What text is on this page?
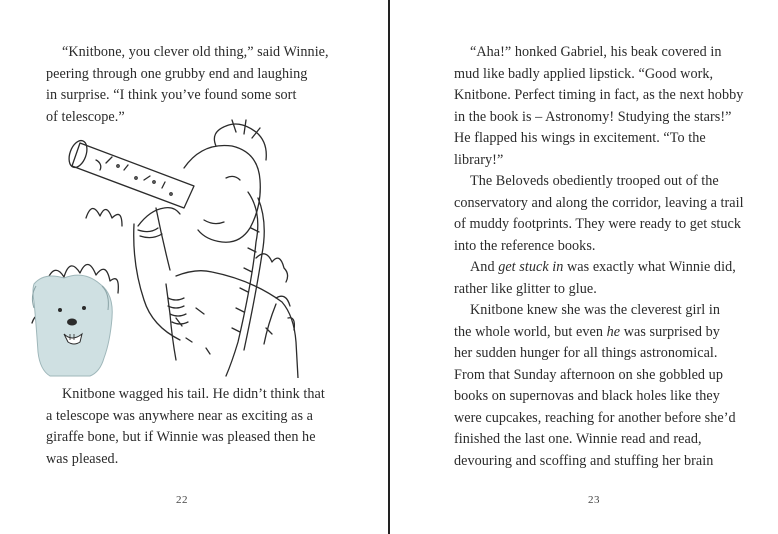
“Knitbone, you clever old thing,” said Winnie,
peering through one grubby end and laughing
in surprise. “I think you’ve found some sort
of telescope.”
Knitbone wagged his tail. He didn’t think that
a telescope was anywhere near as exciting as a
giraffe bone, but if Winnie was pleased then he
was pleased.
22
“Aha!” honked Gabriel, his beak covered in
mud like badly applied lipstick. “Good work,
Knitbone. Perfect timing in fact, as the next hobby
in the book is – Astronomy! Studying the stars!”
He flapped his wings in excitement. “To the
library!”
The Beloveds obediently trooped out of the
conservatory and along the corridor, leaving a trail
of muddy footprints. They were ready to get stuck
into the reference books.
And get stuck in was exactly what Winnie did,
rather like glitter to glue.
Knitbone knew she was the cleverest girl in
the whole world, but even he was surprised by
her sudden hunger for all things astronomical.
From that Sunday afternoon on she gobbled up
books on supernovas and black holes like they
were cupcakes, reaching for another before she’d
finished the last one. Winnie read and read,
devouring and scoffing and stuffing her brain
23
